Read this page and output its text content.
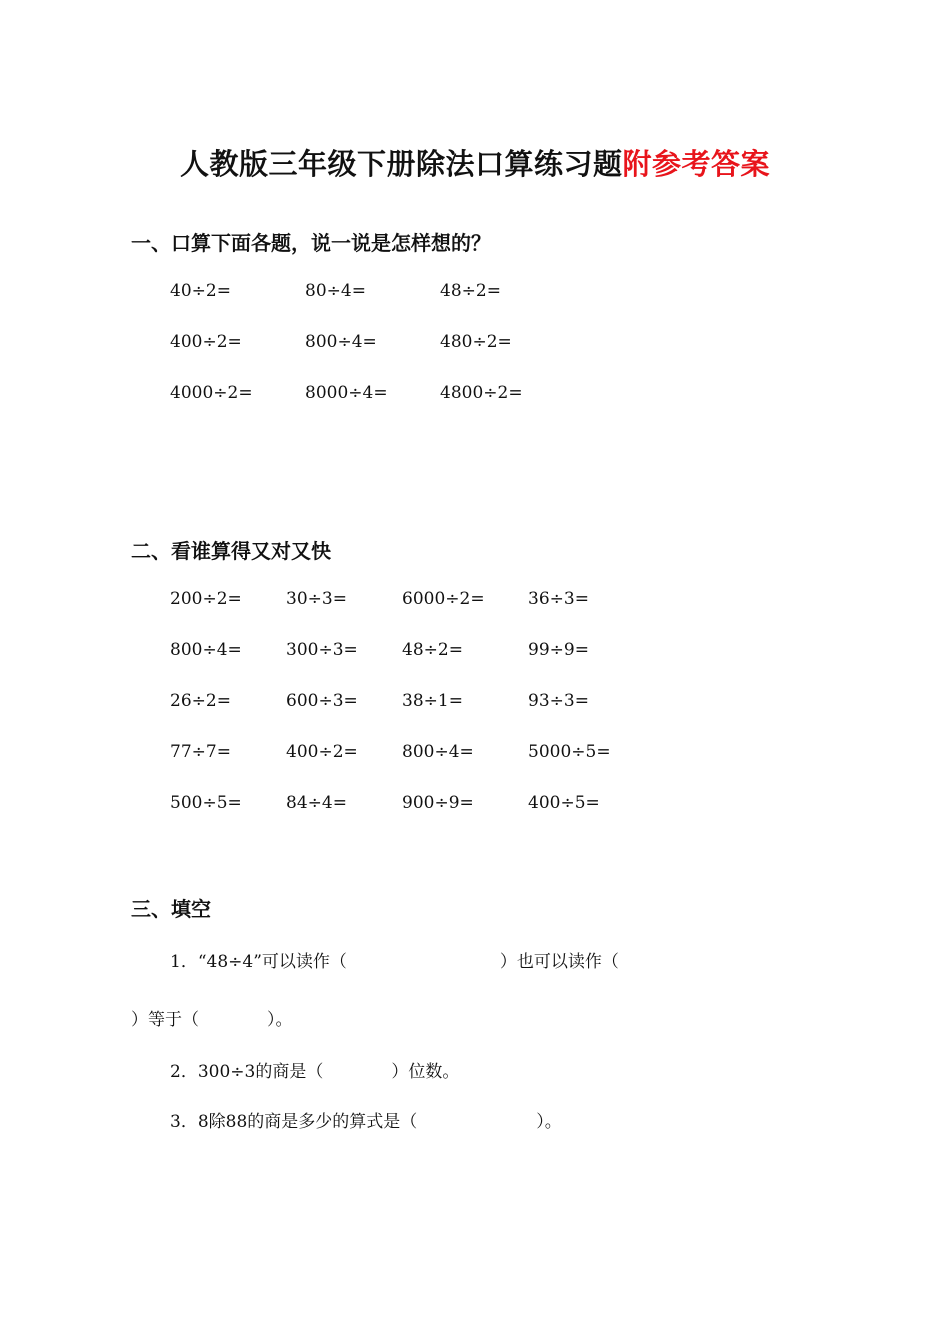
人教版三年级下册除法口算练习题附参考答案
一、口算下面各题，说一说是怎样想的？
40÷2=	80÷4=	48÷2=
400÷2=	800÷4=	480÷2=
4000÷2=	8000÷4=	4800÷2=
二、看谁算得又对又快
200÷2=	30÷3=	6000÷2=	36÷3=
800÷4=	300÷3=	48÷2=	99÷9=
26÷2=	600÷3=	38÷1=	93÷3=
77÷7=	400÷2=	800÷4=	5000÷5=
500÷5=	84÷4=	900÷9=	400÷5=
三、填空
1．“48÷4”可以读作（　　　　　　　　　）也可以读作（
）等于（　　　　）。
2．300÷3的商是（　　　　）位数。
3．8除88的商是多少的算式是（　　　　　　　）。
